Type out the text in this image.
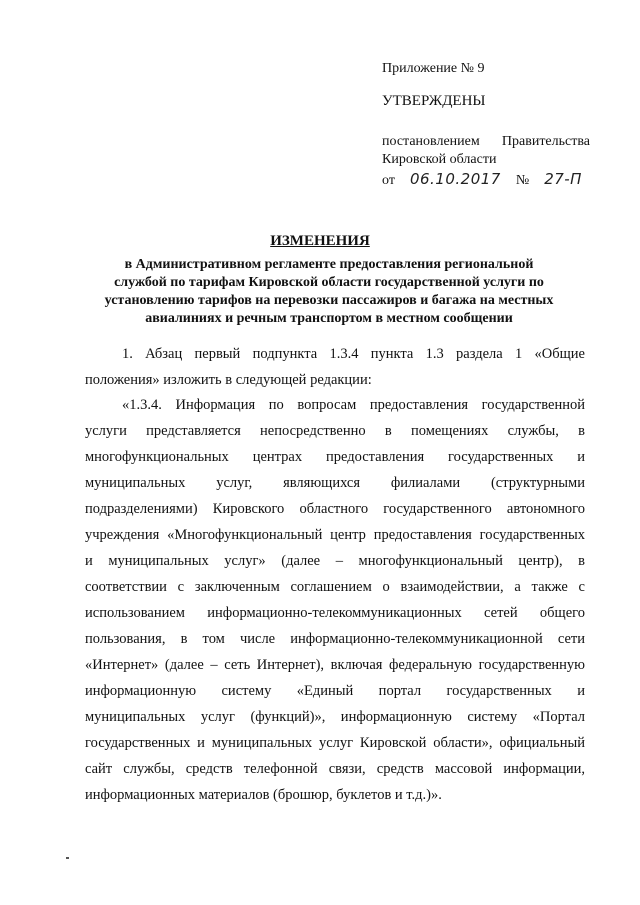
Приложение № 9
УТВЕРЖДЕНЫ
постановлением Правительства
Кировской области
от 06.10.2017 № 27-П
ИЗМЕНЕНИЯ
в Административном регламенте предоставления региональной
службой по тарифам Кировской области государственной услуги по
установлению тарифов на перевозки пассажиров и багажа на местных
авиалиниях и речным транспортом в местном сообщении
1. Абзац первый подпункта 1.3.4 пункта 1.3 раздела 1 «Общие
положения» изложить в следующей редакции:
«1.3.4. Информация по вопросам предоставления государственной
услуги представляется непосредственно в помещениях службы, в
многофункциональных центрах предоставления государственных и
муниципальных услуг, являющихся филиалами (структурными
подразделениями) Кировского областного государственного автономного
учреждения «Многофункциональный центр предоставления государственных
и муниципальных услуг» (далее – многофункциональный центр), в
соответствии с заключенным соглашением о взаимодействии, а также с
использованием информационно-телекоммуникационных сетей общего
пользования, в том числе информационно-телекоммуникационной сети
«Интернет» (далее – сеть Интернет), включая федеральную государственную
информационную систему «Единый портал государственных и
муниципальных услуг (функций)», информационную систему «Портал
государственных и муниципальных услуг Кировской области», официальный
сайт службы, средств телефонной связи, средств массовой информации,
информационных материалов (брошюр, буклетов и т.д.)».
